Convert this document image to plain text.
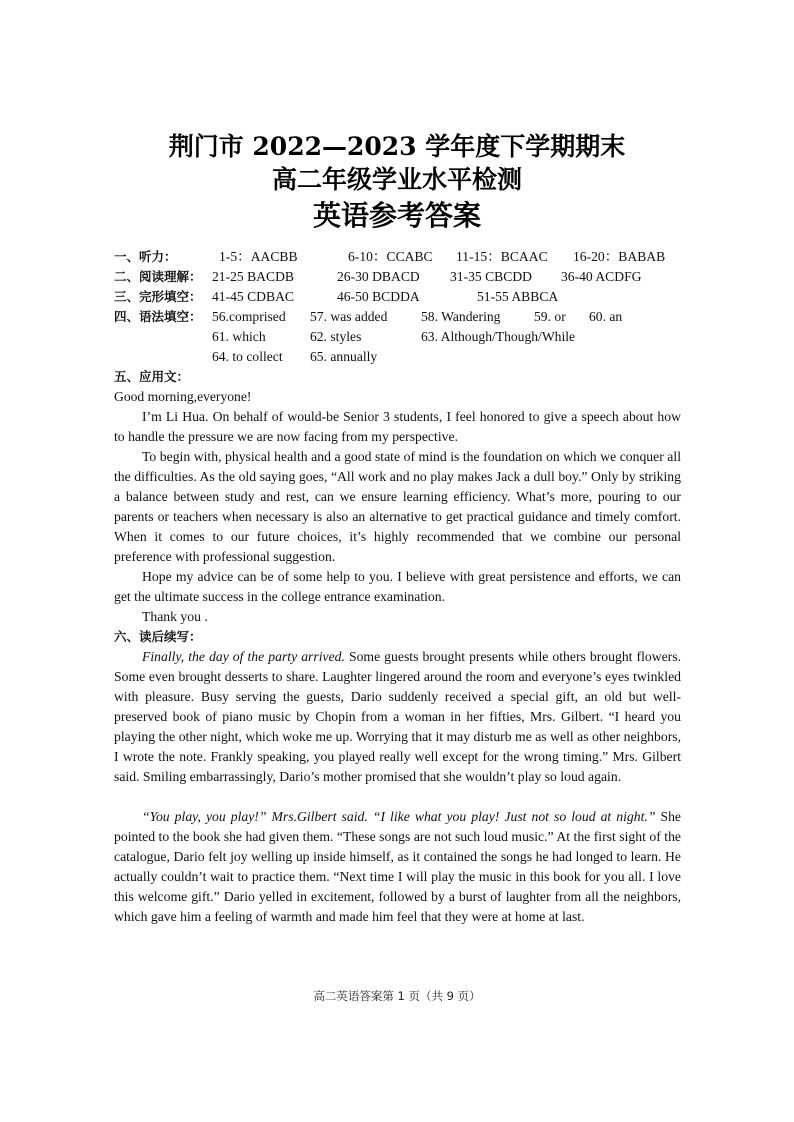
荆门市 2022—2023 学年度下学期期末
高二年级学业水平检测
英语参考答案
一、听力：	1-5：AACBB	6-10：CCABC 11-15：BCAAC 16-20：BABAB
二、阅读理解： 21-25 BACDB	26-30 DBACD 31-35 CBCDD 36-40 ACDFG
三、完形填空： 41-45 CDBAC	46-50 BCDDA	51-55 ABBCA
四、语法填空： 56.comprised 57. was added 58. Wandering 59. or 60. an
61. which	62. styles	63. Although/Though/While
64. to collect 65. annually
五、应用文：
Good morning,everyone!

I’m Li Hua. On behalf of would-be Senior 3 students, I feel honored to give a speech about how to handle the pressure we are now facing from my perspective.

To begin with, physical health and a good state of mind is the foundation on which we conquer all the difficulties. As the old saying goes, “All work and no play makes Jack a dull boy.” Only by striking a balance between study and rest, can we ensure learning efficiency. What’s more, pouring to our parents or teachers when necessary is also an alternative to get practical guidance and timely comfort. When it comes to our future choices, it’s highly recommended that we combine our personal preference with professional suggestion.

Hope my advice can be of some help to you. I believe with great persistence and efforts, we can get the ultimate success in the college entrance examination.

Thank you .

六、读后续写：

Finally, the day of the party arrived. Some guests brought presents while others brought flowers. Some even brought desserts to share. Laughter lingered around the room and everyone’s eyes twinkled with pleasure. Busy serving the guests, Dario suddenly received a special gift, an old but well-preserved book of piano music by Chopin from a woman in her fifties, Mrs. Gilbert. “I heard you playing the other night, which woke me up. Worrying that it may disturb me as well as other neighbors, I wrote the note. Frankly speaking, you played really well except for the wrong timing.” Mrs. Gilbert said. Smiling embarrassingly, Dario’s mother promised that she wouldn’t play so loud again.

“You play, you play!” Mrs.Gilbert said. “I like what you play! Just not so loud at night.” She pointed to the book she had given them. “These songs are not such loud music.” At the first sight of the catalogue, Dario felt joy welling up inside himself, as it contained the songs he had longed to learn. He actually couldn’t wait to practice them. “Next time I will play the music in this book for you all. I love this welcome gift.” Dario yelled in excitement, followed by a burst of laughter from all the neighbors, which gave him a feeling of warmth and made him feel that they were at home at last.

高二英语答案第 1 页（共 9 页）
